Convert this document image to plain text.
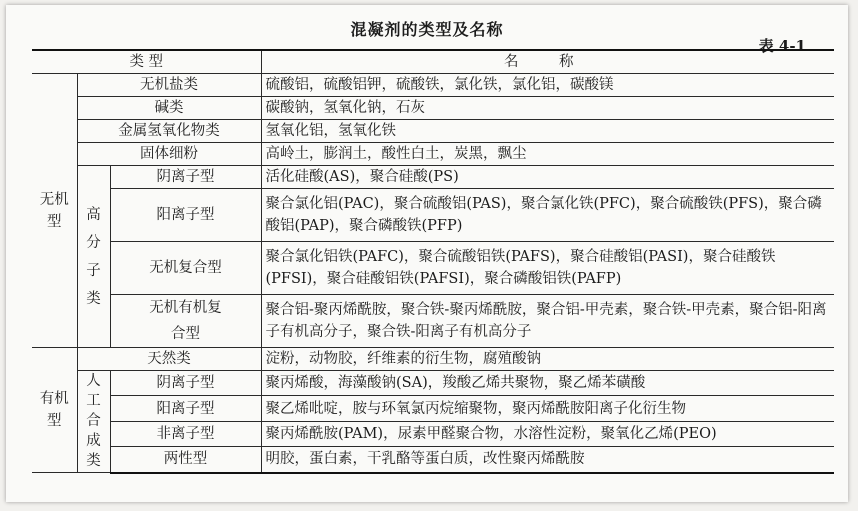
混凝剂的类型及名称
表 4-1
类 型			名 称
无机型	无机盐类		硫酸铝，硫酸铝钾，硫酸铁，氯化铁，氯化铝，碳酸镁
	碱类		碳酸钠，氢氧化钠，石灰
	金属氢氧化物类		氢氧化铝，氢氧化铁
	固体细粉		高岭土，膨润土，酸性白土，炭黑，飘尘
	高分子类	阴离子型	活化硅酸(AS)，聚合硅酸(PS)
		阳离子型	聚合氯化铝(PAC)，聚合硫酸铝(PAS)，聚合氯化铁(PFC)，聚合硫酸铁(PFS)，聚合磷酸铝(PAP)，聚合磷酸铁(PFP)
		无机复合型	聚合氯化铝铁(PAFC)，聚合硫酸铝铁(PAFS)，聚合硅酸铝(PASI)，聚合硅酸铁(PFSI)，聚合硅酸铝铁(PAFSI)，聚合磷酸铝铁(PAFP)
		无机有机复合型	聚合铝-聚丙烯酰胺，聚合铁-聚丙烯酰胺，聚合铝-甲壳素，聚合铁-甲壳素，聚合铝-阳离子有机高分子，聚合铁-阳离子有机高分子
有机型	天然类		淀粉，动物胶，纤维素的衍生物，腐殖酸钠
	人工合成类	阴离子型	聚丙烯酸，海藻酸钠(SA)，羧酸乙烯共聚物，聚乙烯苯磺酸
		阳离子型	聚乙烯吡啶，胺与环氧氯丙烷缩聚物，聚丙烯酰胺阳离子化衍生物
		非离子型	聚丙烯酰胺(PAM)，尿素甲醛聚合物，水溶性淀粉，聚氧化乙烯(PEO)
		两性型	明胶，蛋白素，干乳酪等蛋白质，改性聚丙烯酰胺
